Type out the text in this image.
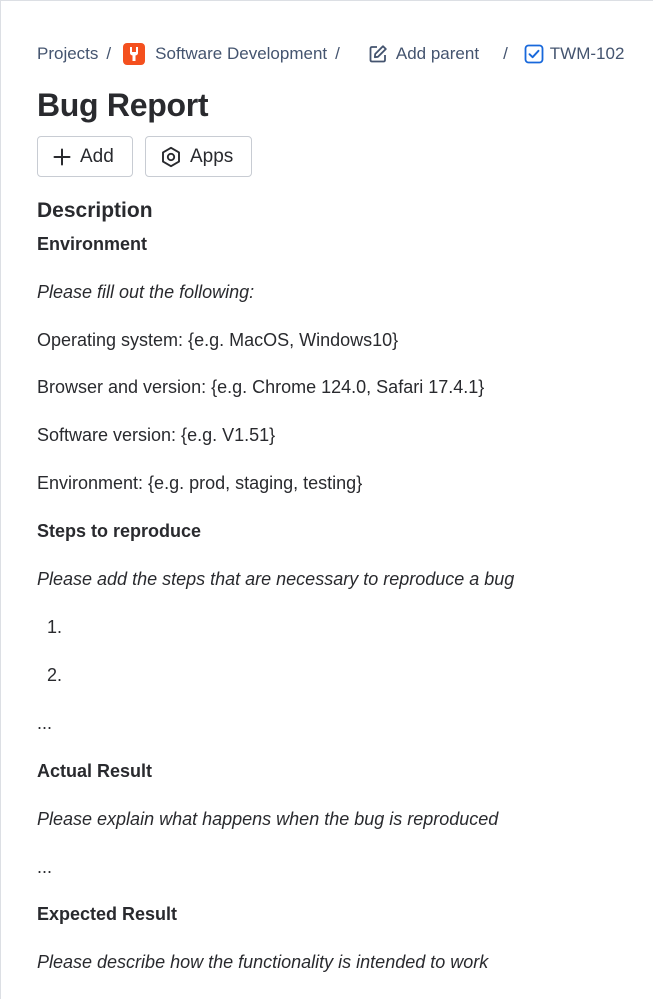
Projects /	Software Development /	Add parent / TWM-102
Bug Report
Add	Apps
Description

Environment

Please fill out the following:

Operating system: {e.g. MacOS, Windows10}

Browser and version: {e.g. Chrome 124.0, Safari 17.4.1}

Software version: {e.g. V1.51}

Environment: {e.g. prod, staging, testing}

Steps to reproduce

Please add the steps that are necessary to reproduce a bug

1.

2.

...

Actual Result

Please explain what happens when the bug is reproduced

...

Expected Result

Please describe how the functionality is intended to work
